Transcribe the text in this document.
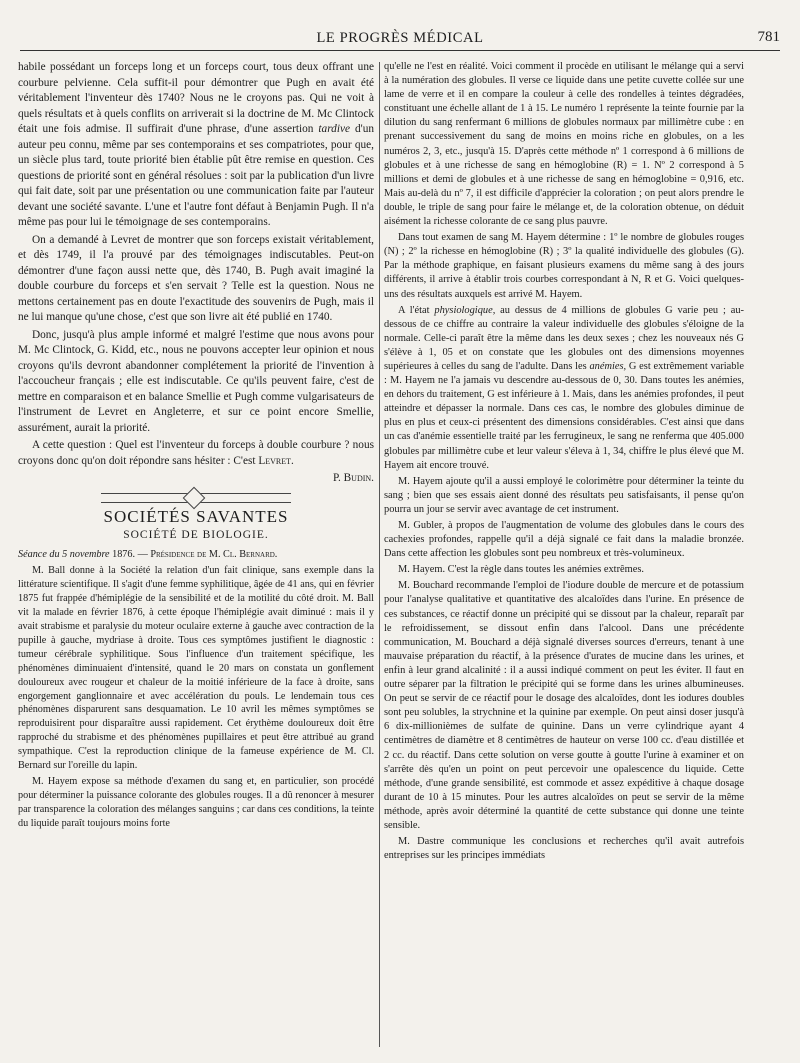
LE PROGRÈS MÉDICAL	781

habile possédant un forceps long et un forceps court, tous deux offrant une courbure pelvienne. Cela suffit-il pour démontrer que Pugh en avait été véritablement l'inventeur dès 1740? Nous ne le croyons pas. Qui ne voit à quels résultats et à quels conflits on arriverait si la doctrine de M. Mc Clintock était une fois admise. Il suffirait d'une phrase, d'une assertion tardive d'un auteur peu connu, même par ses contemporains et ses compatriotes, pour que, un siècle plus tard, toute priorité bien établie pût être remise en question. Ces questions de priorité sont en général résolues : soit par la publication d'un livre qui fait date, soit par une présentation ou une communication faite par l'auteur devant une société savante. L'une et l'autre font défaut à Benjamin Pugh. Il n'a même pas pour lui le témoignage de ses contemporains.

On a demandé à Levret de montrer que son forceps existait véritablement, et dès 1749, il l'a prouvé par des témoignages indiscutables. Peut-on démontrer d'une façon aussi nette que, dès 1740, B. Pugh avait imaginé la double courbure du forceps et s'en servait ? Telle est la question. Nous ne mettons certainement pas en doute l'exactitude des souvenirs de Pugh, mais il ne lui manque qu'une chose, c'est que son livre ait été publié en 1740.

Donc, jusqu'à plus ample informé et malgré l'estime que nous avons pour M. Mc Clintock, G. Kidd, etc., nous ne pouvons accepter leur opinion et nous croyons qu'ils devront abandonner complétement la priorité de l'invention à l'accoucheur français ; elle est indiscutable. Ce qu'ils peuvent faire, c'est de mettre en comparaison et en balance Smellie et Pugh comme vulgarisateurs de l'instrument de Levret en Angleterre, et sur ce point encore Smellie, assurément, aurait la priorité.

A cette question : Quel est l'inventeur du forceps à double courbure ? nous croyons donc qu'on doit répondre sans hésiter : C'est Levret.

P. Budin.
SOCIÉTÉS SAVANTES
SOCIÉTÉ DE BIOLOGIE.

Séance du 5 novembre 1876. — Présidence de M. Cl. Bernard.

M. Ball donne à la Société la relation d'un fait clinique, sans exemple dans la littérature scientifique. Il s'agit d'une femme syphilitique, âgée de 41 ans, qui en février 1875 fut frappée d'hémiplégie de la sensibilité et de la motilité du côté droit. M. Ball vit la malade en février 1876, à cette époque l'hémiplégie avait diminué : mais il y avait strabisme et paralysie du moteur oculaire externe à gauche avec contraction de la pupille à gauche, mydriase à droite. Tous ces symptômes justifient le diagnostic : tumeur cérébrale syphilitique. Sous l'influence d'un traitement spécifique, les phénomènes diminuaient d'intensité, quand le 20 mars on constata un gonflement douloureux avec rougeur et chaleur de la moitié inférieure de la face à droite, sans engorgement ganglionnaire et avec accélération du pouls. Le lendemain tous ces phénomènes disparurent sans desquamation. Le 10 avril les mêmes symptômes se reproduisirent pour disparaître aussi rapidement. Cet érythème douloureux doit être rapproché du strabisme et des phénomènes pupillaires et peut être attribué au grand sympathique. C'est la reproduction clinique de la fameuse expérience de M. Cl. Bernard sur l'oreille du lapin.

M. Hayem expose sa méthode d'examen du sang et, en particulier, son procédé pour déterminer la puissance colorante des globules rouges. Il a dû renoncer à mesurer par transparence la coloration des mélanges sanguins ; car dans ces conditions, la teinte du liquide paraît toujours moins forte

qu'elle ne l'est en réalité. Voici comment il procède en utilisant le mélange qui a servi à la numération des globules. Il verse ce liquide dans une petite cuvette collée sur une lame de verre et il en compare la couleur à celle des rondelles à teintes dégradées, constituant une échelle allant de 1 à 15. Le numéro 1 représente la teinte fournie par la dilution du sang renfermant 6 millions de globules normaux par millimètre cube : en prenant successivement du sang de moins en moins riche en globules, on a les numéros 2, 3, etc., jusqu'à 15. D'après cette méthode nº 1 correspond à 6 millions de globules et à une richesse de sang en hémoglobine (R) = 1. Nº 2 correspond à 5 millions et demi de globules et à une richesse de sang en hémoglobine = 0,916, etc. Mais au-delà du nº 7, il est difficile d'apprécier la coloration ; on peut alors prendre le double, le triple de sang pour faire le mélange et, de la coloration obtenue, on déduit aisément la richesse colorante de ce sang plus pauvre.

Dans tout examen de sang M. Hayem détermine : 1º le nombre de globules rouges (N) ; 2º la richesse en hémoglobine (R) ; 3º la qualité individuelle des globules (G). Par la méthode graphique, en faisant plusieurs examens du même sang à des jours différents, il arrive à établir trois courbes correspondant à N, R et G. Voici quelques-uns des résultats auxquels est arrivé M. Hayem.

A l'état physiologique, au dessus de 4 millions de globules G varie peu ; au-dessous de ce chiffre au contraire la valeur individuelle des globules s'éloigne de la normale. Celle-ci paraît être la même dans les deux sexes ; chez les nouveaux nés G s'élève à 1, 05 et on constate que les globules ont des dimensions moyennes supérieures à celles du sang de l'adulte. Dans les anémies, G est extrêmement variable : M. Hayem ne l'a jamais vu descendre au-dessous de 0, 30. Dans toutes les anémies, en dehors du traitement, G est inférieure à 1. Mais, dans les anémies profondes, il peut atteindre et dépasser la normale. Dans ces cas, le nombre des globules diminue de plus en plus et ceux-ci présentent des dimensions considérables. C'est ainsi que dans un cas d'anémie essentielle traité par les ferrugineux, le sang ne renferma que 405.000 globules par millimètre cube et leur valeur s'éleva à 1, 34, chiffre le plus élevé que M. Hayem ait encore trouvé.

M. Hayem ajoute qu'il a aussi employé le colorimètre pour déterminer la teinte du sang ; bien que ses essais aient donné des résultats peu satisfaisants, il pense qu'on pourra un jour se servir avec avantage de cet instrument.

M. Gubler, à propos de l'augmentation de volume des globules dans le cours des cachexies profondes, rappelle qu'il a déjà signalé ce fait dans la maladie bronzée. Dans cette affection les globules sont peu nombreux et très-volumineux.

M. Hayem. C'est la règle dans toutes les anémies extrêmes.

M. Bouchard recommande l'emploi de l'iodure double de mercure et de potassium pour l'analyse qualitative et quantitative des alcaloïdes dans l'urine. En présence de ces substances, ce réactif donne un précipité qui se dissout par la chaleur, reparaît par le refroidissement, se dissout enfin dans l'alcool. Dans une précédente communication, M. Bouchard a déjà signalé diverses sources d'erreurs, tenant à une mauvaise préparation du réactif, à la présence d'urates de mucine dans les urines, et enfin à leur grand alcalinité : il a aussi indiqué comment on peut les éviter. Il faut en outre séparer par la filtration le précipité qui se forme dans les urines albumineuses. On peut se servir de ce réactif pour le dosage des alcaloïdes, dont les iodures doubles sont peu solubles, la strychnine et la quinine par exemple. On peut ainsi doser jusqu'à 6 dix-millionièmes de sulfate de quinine. Dans un verre cylindrique ayant 4 centimètres de diamètre et 8 centimètres de hauteur on verse 100 cc. d'eau distillée et 2 cc. du réactif. Dans cette solution on verse goutte à goutte l'urine à examiner et on s'arrête dès qu'en un point on peut percevoir une opalescence du liquide. Cette méthode, d'une grande sensibilité, est commode et assez expéditive à chaque dosage durant de 10 à 15 minutes. Pour les autres alcaloïdes on peut se servir de la même méthode, après avoir déterminé la quantité de cette substance qui donne une teinte sensible.

M. Dastre communique les conclusions et recherches qu'il avait autrefois entreprises sur les principes immédiats
